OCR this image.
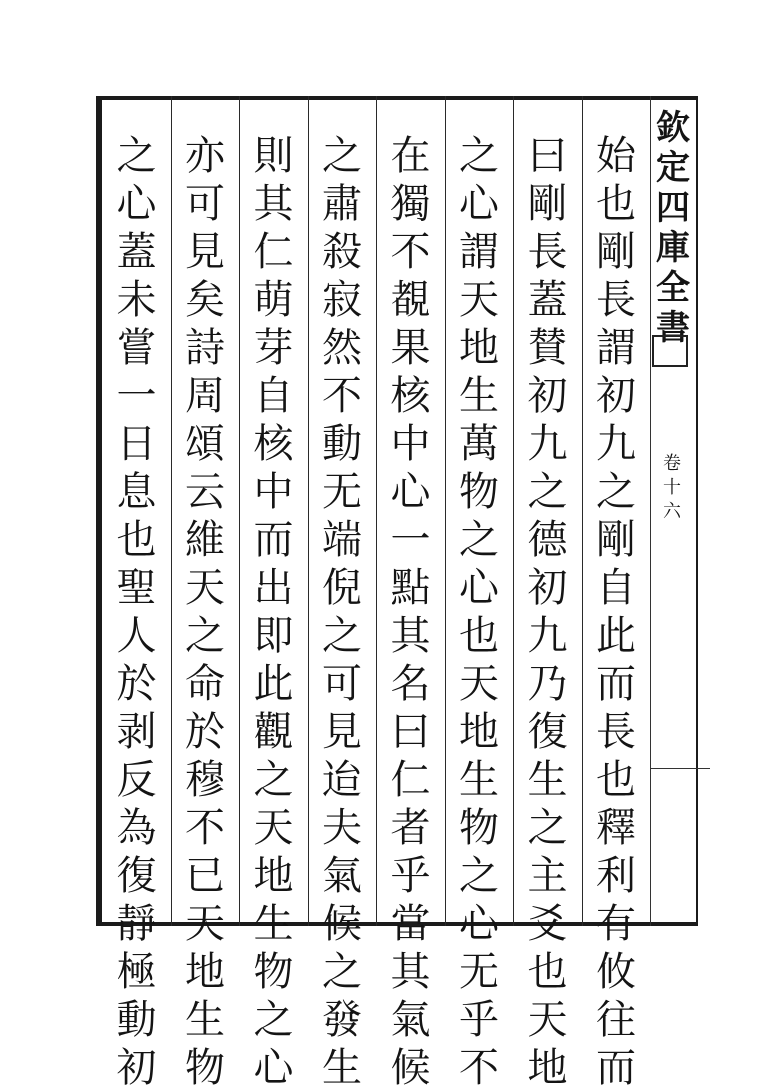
欽
定
四
庫
全
書
卷
十
六
始
也
剛
長
謂
初
九
之
剛
自
此
而
長
也
釋
利
有
攸
往
而
曰
剛
長
蓋
賛
初
九
之
德
初
九
乃
復
生
之
主
爻
也
天
地
之
心
謂
天
地
生
萬
物
之
心
也
天
地
生
物
之
心
无
乎
不
在
獨
不
覩
果
核
中
心
一
點
其
名
曰
仁
者
乎
當
其
氣
候
之
肅
殺
寂
然
不
動
无
端
倪
之
可
見
迨
夫
氣
候
之
發
生
則
其
仁
萌
芽
自
核
中
而
出
即
此
觀
之
天
地
生
物
之
心
亦
可
見
矣
詩
周
頌
云
維
天
之
命
於
穆
不
已
天
地
生
物
之
心
蓋
未
嘗
一
日
息
也
聖
人
於
剥
反
為
復
靜
極
動
初
